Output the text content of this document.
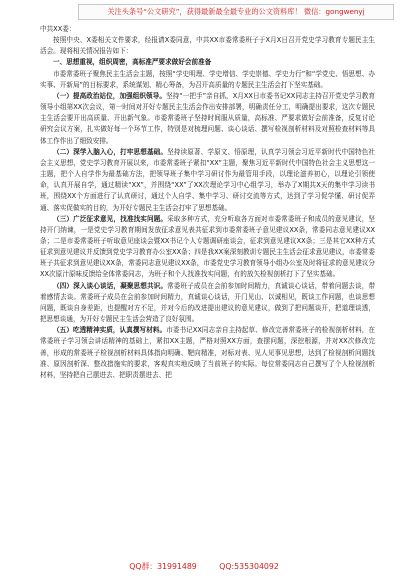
关注头条号“公文研究”，获得最新最全最专业的公文资料库！ 微信：gongwenyj

中共XX委：

按照中央、X委相关文件要求，经报请X委同意，中共XX市委常委班子于X月X日召开党史学习教育专题民主生活会。现将相关情况报告如下：

一、思想重视，组织周密，高标准严要求做好会前准备

市委常委班子聚焦民主生活会主题，按照“学史明理、学史增信、学史崇德、学史力行”和“学党史、悟思想、办实事、开新局”的目标要求，系统谋划、精心筹备，为召开高质量的专题民主生活会打下坚实基础。

（一）提高政治站位，加强组织领导。坚持“一把手”亲自抓，X月XX日市委书记XX同志主持召开党史学习教育领导小组第XX次会议，第一时间对开好专题民主生活会作出安排部署，明确责任分工，明确提出要求，这次专题民主生活会要开出高质量、开出新气象。市委常委班子坚持时间服从质量，高标准、严要求做好会前准备，反复讨论研究会议方案，扎实做好每一个环节工作，特别是对梳理问题、谈心谈话、撰写检视剖析材料及对照检查材料等具体工作作出了细致安排。

（二）深学入脑入心，打牢思想基础。坚持读原著、学原文、悟原理，认真学习领会习近平新时代中国特色社会主义思想，党史学习教育开展以来，市委常委班子紧扣“XX”主题，聚焦习近平新时代中国特色社会主义思想这一主题，把个人自学作为最基础方法，把领导班子集中学习研讨作为最管用手段，以理论滋养初心，以理论引领使命，认真开展自学，通过精读“XX”，并围绕“XX”了XX次理论学习中心组学习，举办了X期共X天的集中学习读书班，围绕XX个方面进行了认真研讨，通过个人自学、集中学习、研讨交流等方式，达到了学习促学懂、研讨促弄通、落实促做实的目的，为开好专题民主生活会打牢了思想基础。

（三）广泛征求意见，找准找实问题。采取多种方式，充分听取各方面对市委常委班子和成员的意见建议，坚持开门纳谏，一是党史学习教育期间发放征求意见表共征求到市委常委班子意见建议XX条，常委同志意见建议XX条；二是市委常委班子听取意见座谈会暨XX书记个人专题调研座谈会，征求到意见建议XX条；三是其它XX种方式征求到意见建议并反馈到党史学习教育办公室XX条；四是我XX案深刻教训专题民主生活会征求意见建议，市委常委班子共征求到意见建议XX条，常委同志意见建议XX条，市委党史学习教育领导小组办公室及时将征求的意见建议分XX次原汁原味反馈给全体常委同志，为班子和个人找准找实问题，有的放矢检视剖析打下了坚实基础。

（四）深入谈心谈话，凝聚思想共识。常委班子成员在会前参加时间精力，真诚谈心谈话，带着问题去谈，带着感情去谈。常委班子成员在会前参加时间精力，真诚谈心谈话，开门见山、以诚相见，既谈工作问题，也谈思想问题，既谈自身差距，也提醒对方不足，并对今后的改进提出建议的意见建议，做到了把问题谈开，把道理谈透，把思想谈通，为开好专题民主生活会营造了良好氛围。

（五）吃透精神实质，认真撰写材料。市委书记XX同志亲自主持起草、修改完善常委班子的检视剖析材料，在常委班子学习领会讲话精神的基础上，紧扣XX主题，严格对照XX方面，查摆问题，深挖根源，并对XX次修改完善，形成的常委班子检视剖析材料具体指向明确、靶向精准，对标对表、见人见事见思想，达到了检视剖析问题找准、原因剖析深、整改措施实的要求，客观真实地反映了当前班子的实际。每位常委同志自己撰写了个人检视剖析材料，坚持把自己摆进去、把职责摆进去、把

QQ群：31991489	QQ:535304092
